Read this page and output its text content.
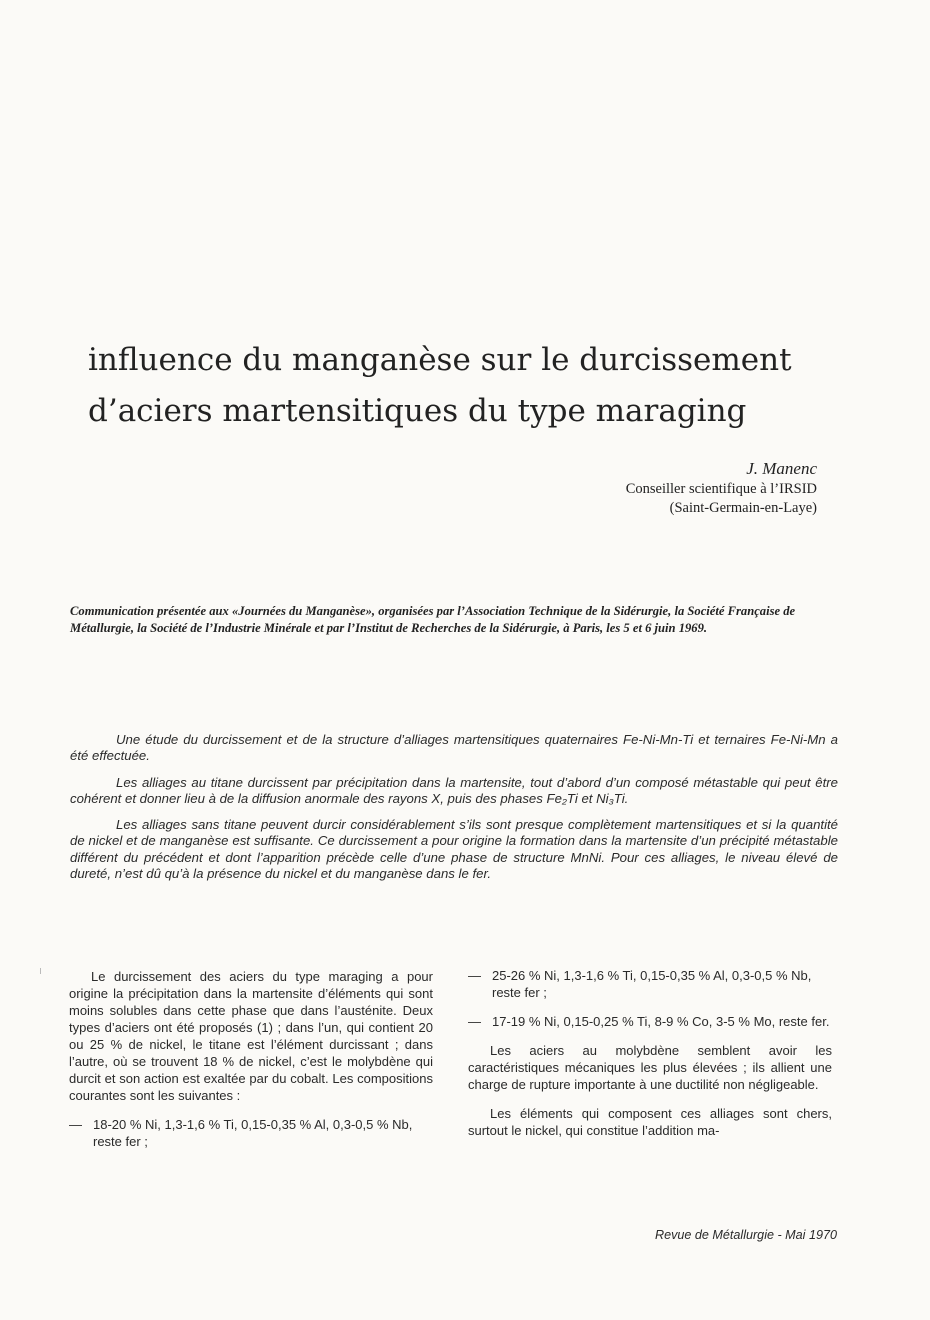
influence du manganèse sur le durcissement
d’aciers martensitiques du type maraging
J. Manenc
Conseiller scientifique à l’IRSID
(Saint-Germain-en-Laye)
Communication présentée aux «Journées du Manganèse», organisées par l’Association Technique de la Sidérurgie, la Société Française de Métallurgie, la Société de l’Industrie Minérale et par l’Institut de Recherches de la Sidérurgie, à Paris, les 5 et 6 juin 1969.

Une étude du durcissement et de la structure d’alliages martensitiques quaternaires Fe-Ni-Mn-Ti et ternaires Fe-Ni-Mn a été effectuée.

Les alliages au titane durcissent par précipitation dans la martensite, tout d’abord d’un composé métastable qui peut être cohérent et donner lieu à de la diffusion anormale des rayons X, puis des phases Fe₂Ti et Ni₃Ti.

Les alliages sans titane peuvent durcir considérablement s’ils sont presque complètement martensitiques et si la quantité de nickel et de manganèse est suffisante. Ce durcissement a pour origine la formation dans la martensite d’un précipité métastable différent du précédent et dont l’apparition précède celle d’une phase de structure MnNi. Pour ces alliages, le niveau élevé de dureté, n’est dû qu’à la présence du nickel et du manganèse dans le fer.

Le durcissement des aciers du type maraging a pour origine la précipitation dans la martensite d’éléments qui sont moins solubles dans cette phase que dans l’austénite. Deux types d’aciers ont été proposés (1) ; dans l’un, qui contient 20 ou 25 % de nickel, le titane est l’élément durcissant ; dans l’autre, où se trouvent 18 % de nickel, c’est le molybdène qui durcit et son action est exaltée par du cobalt. Les compositions courantes sont les suivantes :

— 18-20 % Ni, 1,3-1,6 % Ti, 0,15-0,35 % Al, 0,3-0,5 % Nb, reste fer ;
— 25-26 % Ni, 1,3-1,6 % Ti, 0,15-0,35 % Al, 0,3-0,5 % Nb, reste fer ;
— 17-19 % Ni, 0,15-0,25 % Ti, 8-9 % Co, 3-5 % Mo, reste fer.

Les aciers au molybdène semblent avoir les caractéristiques mécaniques les plus élevées ; ils allient une charge de rupture importante à une ductilité non négligeable.

Les éléments qui composent ces alliages sont chers, surtout le nickel, qui constitue l’addition ma-

Revue de Métallurgie - Mai 1970
